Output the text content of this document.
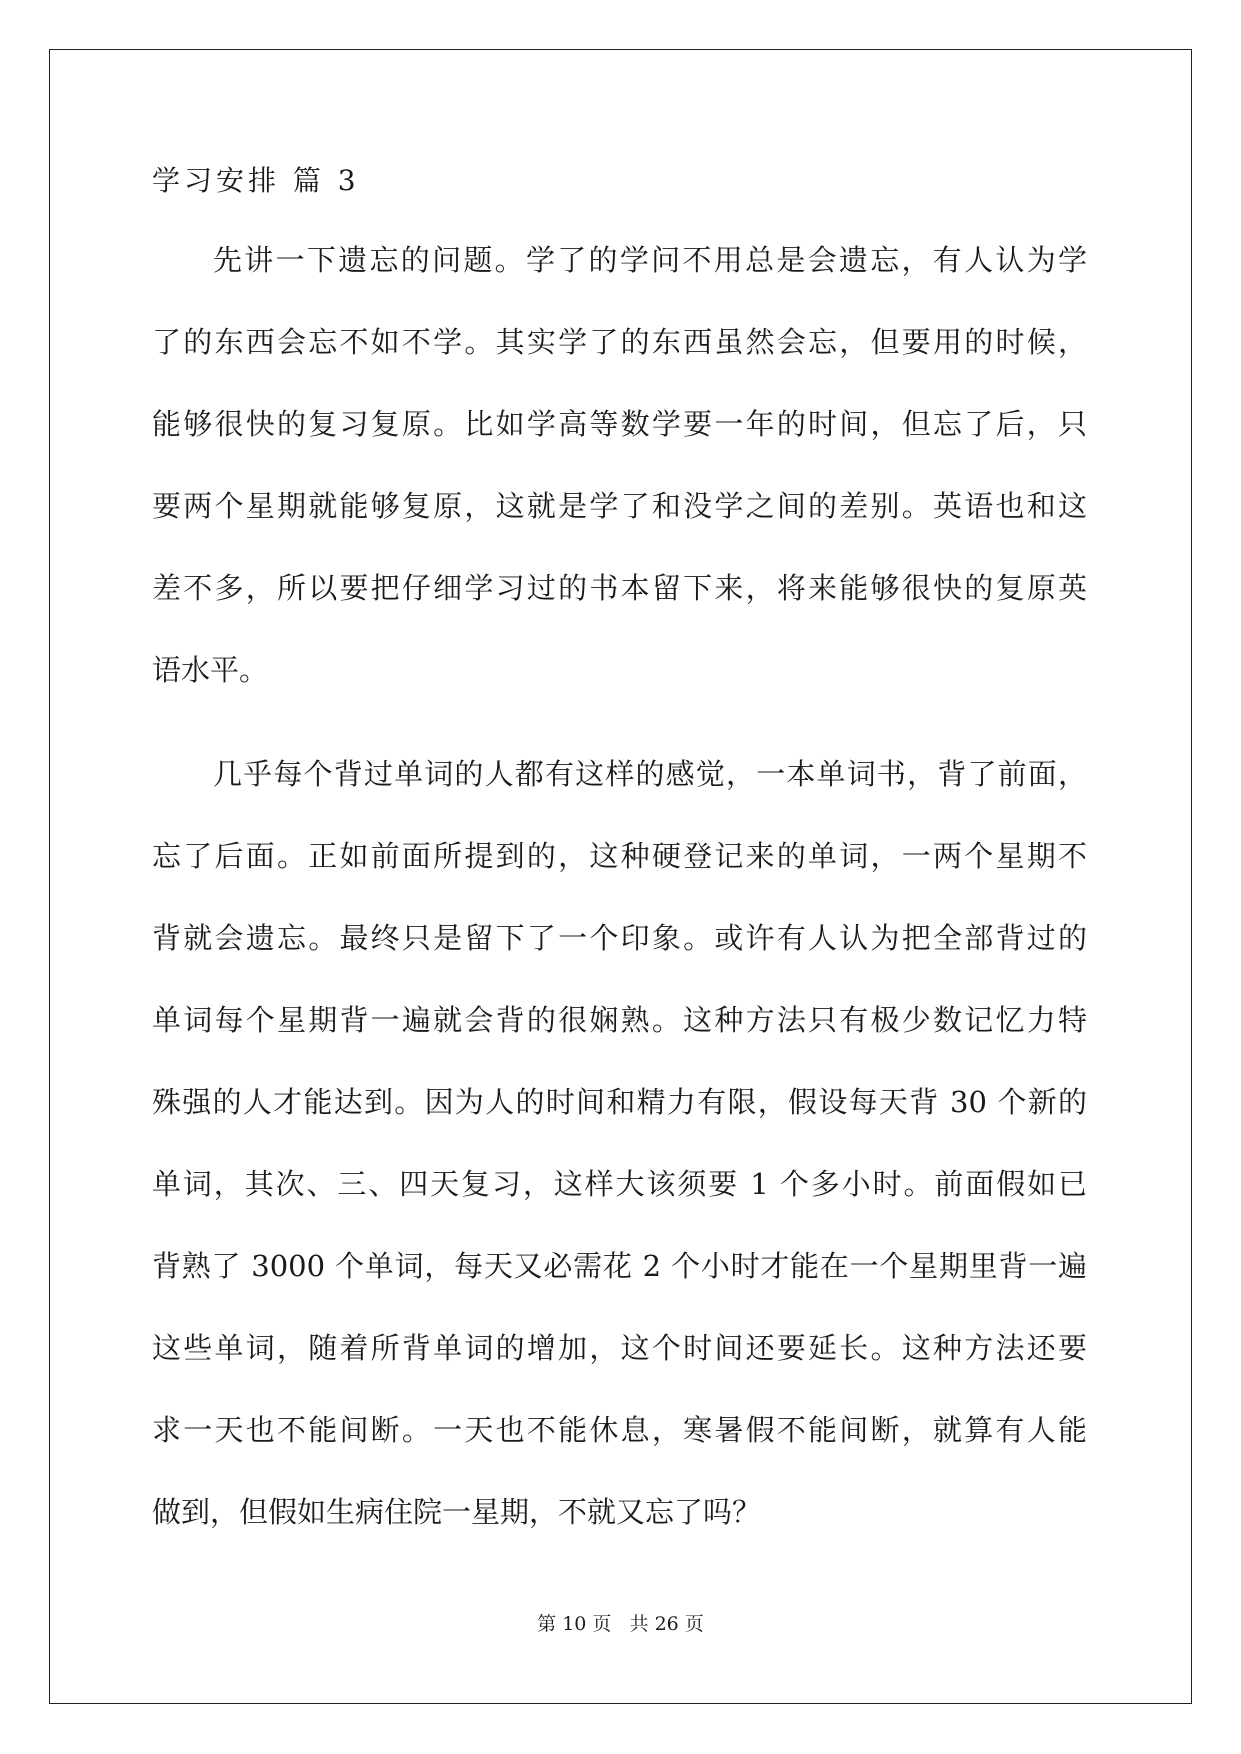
学习安排 篇 3
先讲一下遗忘的问题。学了的学问不用总是会遗忘，有人认为学
了的东西会忘不如不学。其实学了的东西虽然会忘，但要用的时候，
能够很快的复习复原。比如学高等数学要一年的时间，但忘了后，只
要两个星期就能够复原，这就是学了和没学之间的差别。英语也和这
差不多，所以要把仔细学习过的书本留下来，将来能够很快的复原英
语水平。
几乎每个背过单词的人都有这样的感觉，一本单词书，背了前面，
忘了后面。正如前面所提到的，这种硬登记来的单词，一两个星期不
背就会遗忘。最终只是留下了一个印象。或许有人认为把全部背过的
单词每个星期背一遍就会背的很娴熟。这种方法只有极少数记忆力特
殊强的人才能达到。因为人的时间和精力有限，假设每天背 30 个新的
单词，其次、三、四天复习，这样大该须要 1 个多小时。前面假如已
背熟了 3000 个单词，每天又必需花 2 个小时才能在一个星期里背一遍
这些单词，随着所背单词的增加，这个时间还要延长。这种方法还要
求一天也不能间断。一天也不能休息，寒暑假不能间断，就算有人能
做到，但假如生病住院一星期，不就又忘了吗？
第 10 页   共 26 页
